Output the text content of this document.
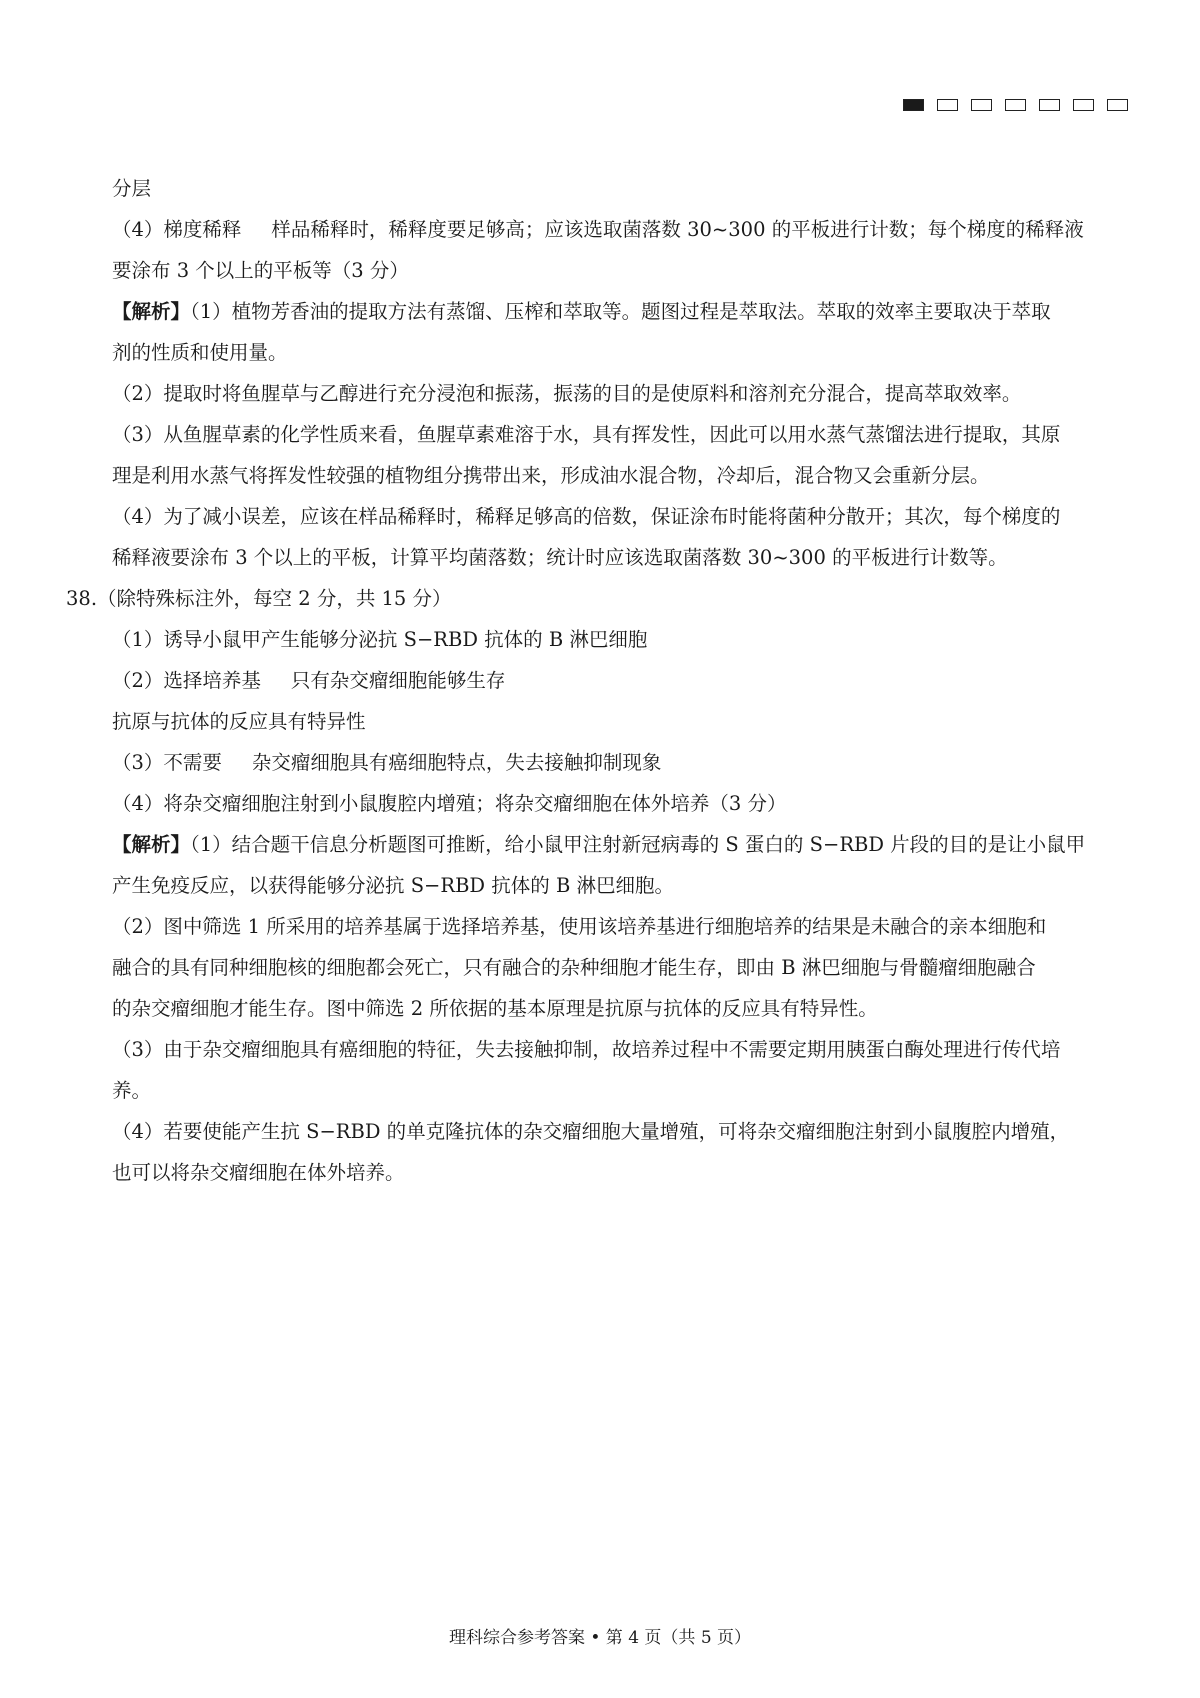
分层

（4）梯度稀释 样品稀释时，稀释度要足够高；应该选取菌落数 30~300 的平板进行计数；每个梯度的稀释液

要涂布 3 个以上的平板等（3 分）

【解析】（1）植物芳香油的提取方法有蒸馏、压榨和萃取等。题图过程是萃取法。萃取的效率主要取决于萃取

剂的性质和使用量。

（2）提取时将鱼腥草与乙醇进行充分浸泡和振荡，振荡的目的是使原料和溶剂充分混合，提高萃取效率。

（3）从鱼腥草素的化学性质来看，鱼腥草素难溶于水，具有挥发性，因此可以用水蒸气蒸馏法进行提取，其原

理是利用水蒸气将挥发性较强的植物组分携带出来，形成油水混合物，冷却后，混合物又会重新分层。

（4）为了减小误差，应该在样品稀释时，稀释足够高的倍数，保证涂布时能将菌种分散开；其次，每个梯度的

稀释液要涂布 3 个以上的平板，计算平均菌落数；统计时应该选取菌落数 30~300 的平板进行计数等。

38.（除特殊标注外，每空 2 分，共 15 分）

（1）诱导小鼠甲产生能够分泌抗 S−RBD 抗体的 B 淋巴细胞

（2）选择培养基 只有杂交瘤细胞能够生存

抗原与抗体的反应具有特异性

（3）不需要 杂交瘤细胞具有癌细胞特点，失去接触抑制现象

（4）将杂交瘤细胞注射到小鼠腹腔内增殖；将杂交瘤细胞在体外培养（3 分）

【解析】（1）结合题干信息分析题图可推断，给小鼠甲注射新冠病毒的 S 蛋白的 S−RBD 片段的目的是让小鼠甲

产生免疫反应，以获得能够分泌抗 S−RBD 抗体的 B 淋巴细胞。

（2）图中筛选 1 所采用的培养基属于选择培养基，使用该培养基进行细胞培养的结果是未融合的亲本细胞和

融合的具有同种细胞核的细胞都会死亡，只有融合的杂种细胞才能生存，即由 B 淋巴细胞与骨髓瘤细胞融合

的杂交瘤细胞才能生存。图中筛选 2 所依据的基本原理是抗原与抗体的反应具有特异性。

（3）由于杂交瘤细胞具有癌细胞的特征，失去接触抑制，故培养过程中不需要定期用胰蛋白酶处理进行传代培

养。

（4）若要使能产生抗 S−RBD 的单克隆抗体的杂交瘤细胞大量增殖，可将杂交瘤细胞注射到小鼠腹腔内增殖，

也可以将杂交瘤细胞在体外培养。

理科综合参考答案 • 第 4 页（共 5 页）
